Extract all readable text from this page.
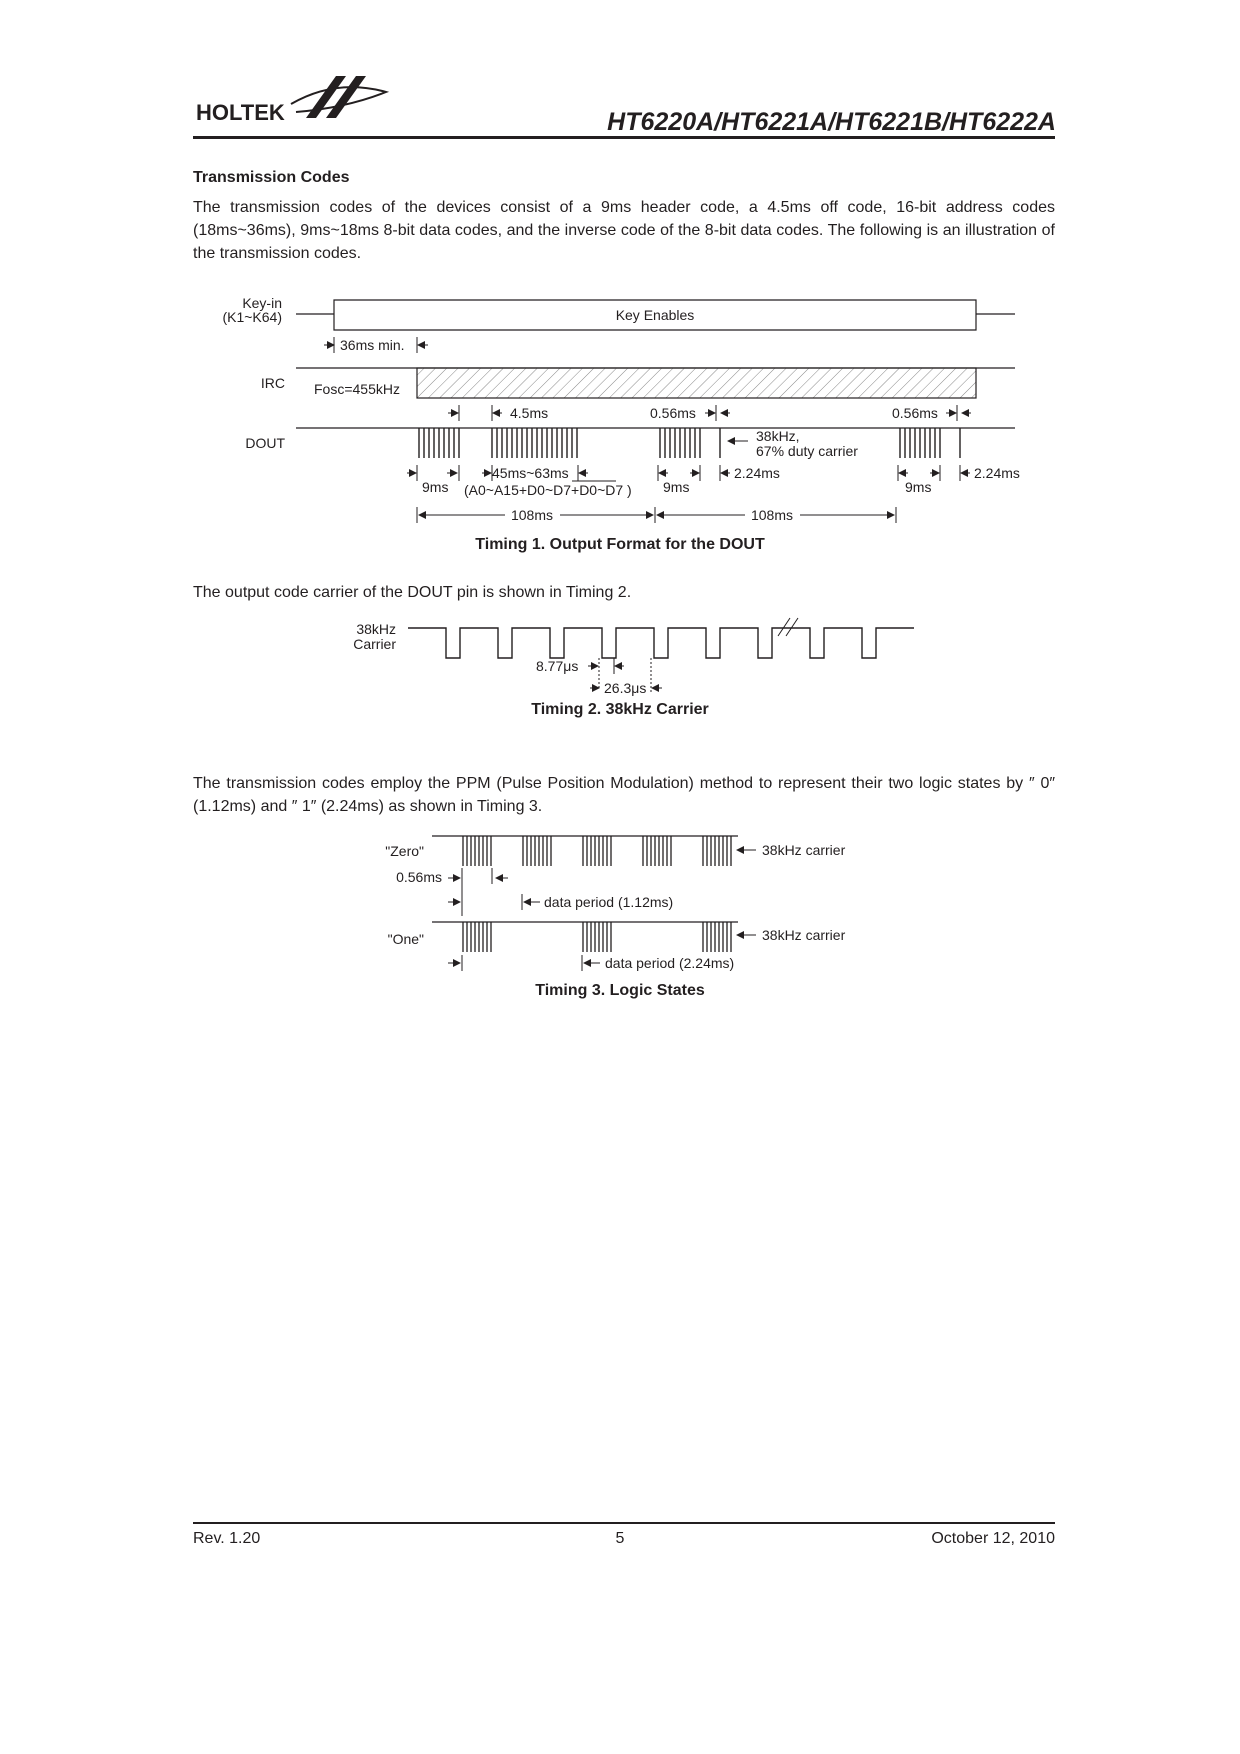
HOLTEK	HT6220A/HT6221A/HT6221B/HT6222A
Transmission Codes
The transmission codes of the devices consist of a 9ms header code, a 4.5ms off code, 16-bit address codes (18ms~36ms), 9ms~18ms 8-bit data codes, and the inverse code of the 8-bit data codes. The following is an illustration of the transmission codes.
Key-in
(K1~K64)	Key Enables
36ms min.
IRC Fosc=455kHz
DOUT
4.5ms	0.56ms	0.56ms
38kHz,
67% duty carrier
45ms~63ms
9ms (A0~A15+D0~D7+D0~D7 ) 9ms
2.24ms
9ms
2.24ms
108ms	108ms
Timing 1. Output Format for the DOUT
The output code carrier of the DOUT pin is shown in Timing 2.
38kHz
Carrier
8.77μs
26.3μs
Timing 2. 38kHz Carrier
The transmission codes employ the PPM (Pulse Position Modulation) method to represent their two logic states by ″ 0″ (1.12ms) and ″ 1″ (2.24ms) as shown in Timing 3.
"Zero"	38kHz carrier
0.56ms
data period (1.12ms)
"One"	38kHz carrier
data period (2.24ms)
Timing 3. Logic States
Rev. 1.20	5	October 12, 2010
